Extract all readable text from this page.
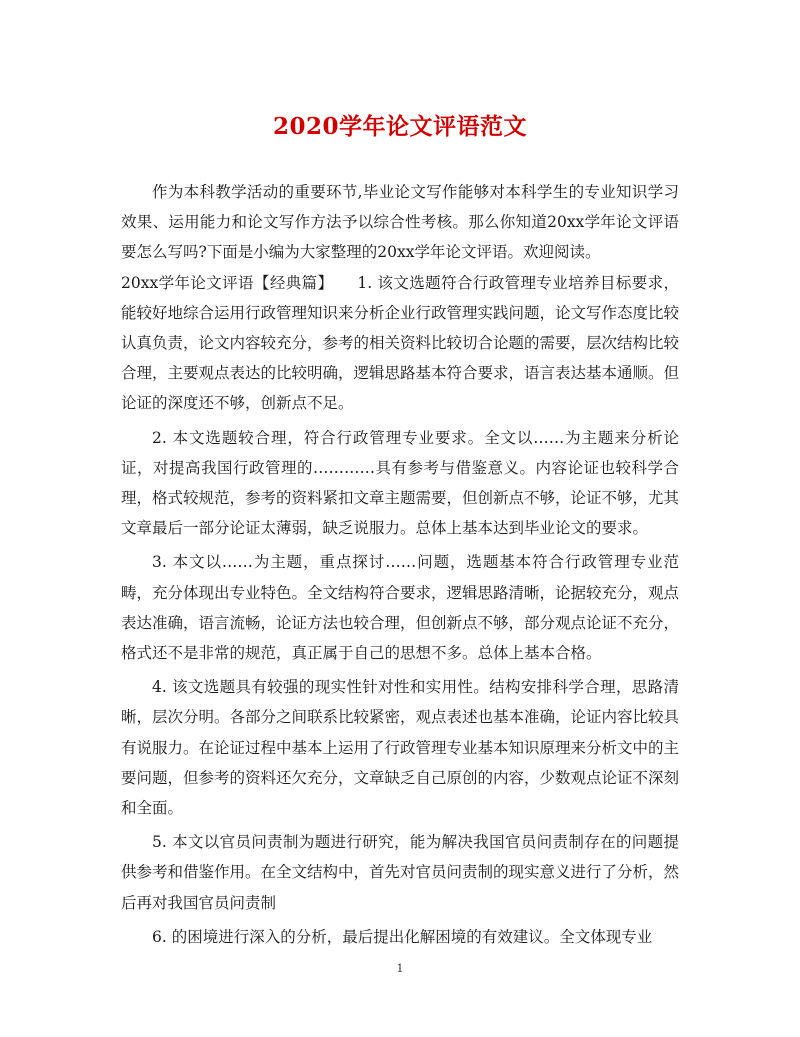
2020学年论文评语范文

作为本科教学活动的重要环节,毕业论文写作能够对本科学生的专业知识学习效果、运用能力和论文写作方法予以综合性考核。那么你知道20xx学年论文评语要怎么写吗?下面是小编为大家整理的20xx学年论文评语。欢迎阅读。

20xx学年论文评语【经典篇】　　1. 该文选题符合行政管理专业培养目标要求，能较好地综合运用行政管理知识来分析企业行政管理实践问题，论文写作态度比较认真负责，论文内容较充分，参考的相关资料比较切合论题的需要，层次结构比较合理，主要观点表达的比较明确，逻辑思路基本符合要求，语言表达基本通顺。但论证的深度还不够，创新点不足。

2. 本文选题较合理，符合行政管理专业要求。全文以……为主题来分析论证，对提高我国行政管理的…………具有参考与借鉴意义。内容论证也较科学合理，格式较规范，参考的资料紧扣文章主题需要，但创新点不够，论证不够，尤其文章最后一部分论证太薄弱，缺乏说服力。总体上基本达到毕业论文的要求。

3. 本文以……为主题，重点探讨……问题，选题基本符合行政管理专业范畴，充分体现出专业特色。全文结构符合要求，逻辑思路清晰，论据较充分，观点表达准确，语言流畅，论证方法也较合理，但创新点不够，部分观点论证不充分，格式还不是非常的规范，真正属于自己的思想不多。总体上基本合格。

4. 该文选题具有较强的现实性针对性和实用性。结构安排科学合理，思路清晰，层次分明。各部分之间联系比较紧密，观点表述也基本准确，论证内容比较具有说服力。在论证过程中基本上运用了行政管理专业基本知识原理来分析文中的主要问题，但参考的资料还欠充分，文章缺乏自己原创的内容，少数观点论证不深刻和全面。

5. 本文以官员问责制为题进行研究，能为解决我国官员问责制存在的问题提供参考和借鉴作用。在全文结构中，首先对官员问责制的现实意义进行了分析，然后再对我国官员问责制

6. 的困境进行深入的分析，最后提出化解困境的有效建议。全文体现专业

1
